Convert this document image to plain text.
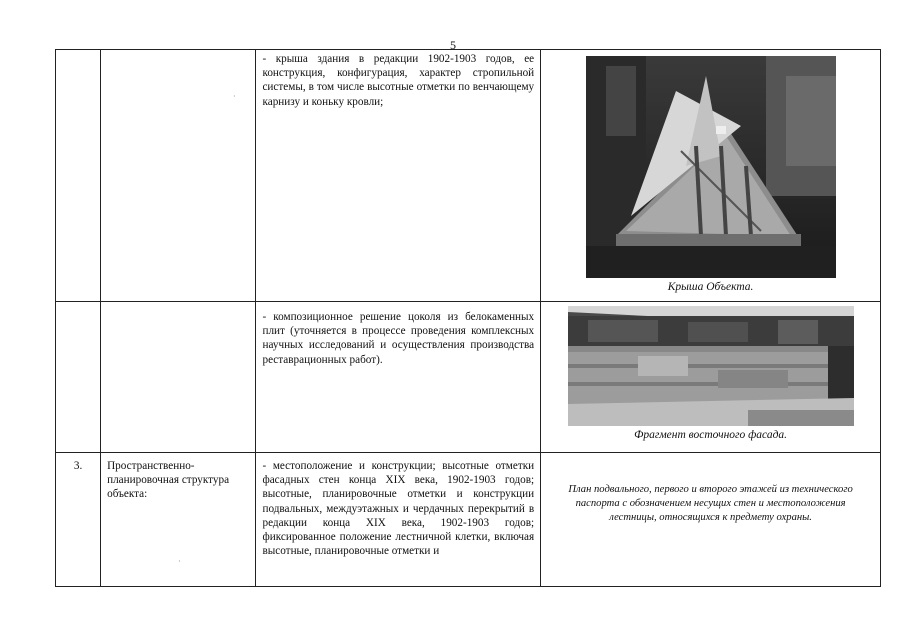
5

		- крыша здания в редакции 1902-1903 годов, ее конструкция, конфигурация, характер стропильной системы, в том числе высотные отметки по венчающему карнизу и коньку кровли;	Крыша Объекта.

		- композиционное решение цоколя из белокаменных плит (уточняется в процессе проведения комплексных научных исследований и осуществления производства реставрационных работ).	Фрагмент восточного фасада.

3.	Пространственно-планировочная структура объекта:	- местоположение и конструкции; высотные отметки фасадных стен конца XIX века, 1902-1903 годов; высотные, планировочные отметки и конструкции подвальных, междуэтажных и чердачных перекрытий в редакции конца XIX века, 1902-1903 годов; фиксированное положение лестничной клетки, включая высотные, планировочные отметки и	План подвального, первого и второго этажей из технического паспорта с обозначением несущих стен и местоположения лестницы, относящихся к предмету охраны.
·
·
